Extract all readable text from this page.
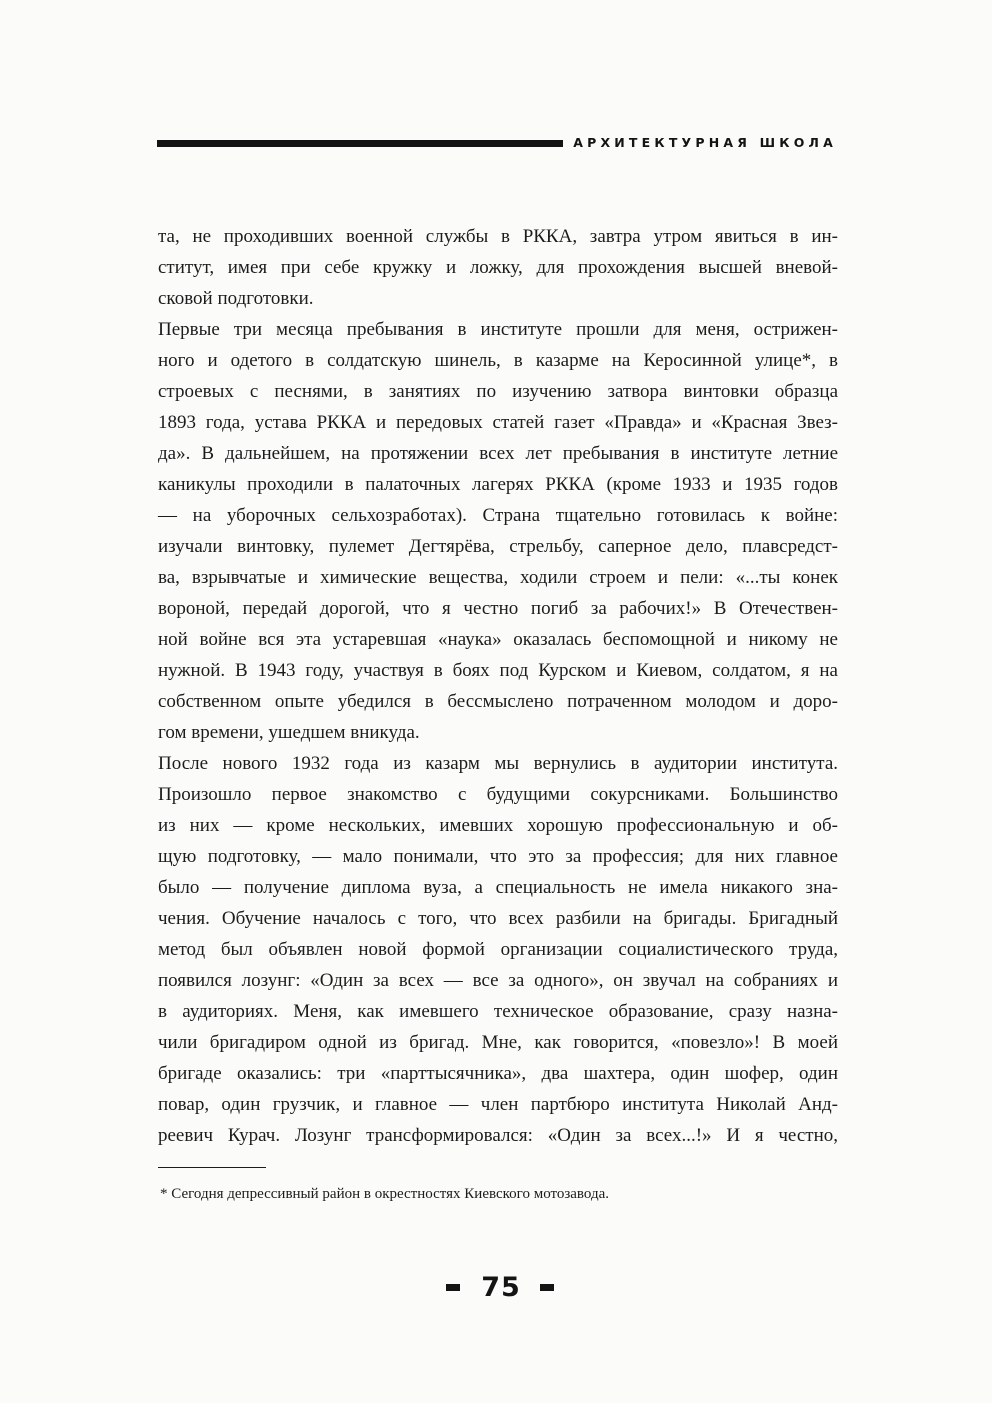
АРХИТЕКТУРНАЯ ШКОЛА
та, не проходивших военной службы в РККА, завтра утром явиться в ин-
ститут, имея при себе кружку и ложку, для прохождения высшей вневой-
сковой подготовки.
Первые три месяца пребывания в институте прошли для меня, острижен-
ного и одетого в солдатскую шинель, в казарме на Керосинной улице*, в
строевых с песнями, в занятиях по изучению затвора винтовки образца
1893 года, устава РККА и передовых статей газет «Правда» и «Красная Звез-
да». В дальнейшем, на протяжении всех лет пребывания в институте летние
каникулы проходили в палаточных лагерях РККА (кроме 1933 и 1935 годов
— на уборочных сельхозработах). Страна тщательно готовилась к войне:
изучали винтовку, пулемет Дегтярёва, стрельбу, саперное дело, плавсредст-
ва, взрывчатые и химические вещества, ходили строем и пели: «...ты конек
вороной, передай дорогой, что я честно погиб за рабочих!» В Отечествен-
ной войне вся эта устаревшая «наука» оказалась беспомощной и никому не
нужной. В 1943 году, участвуя в боях под Курском и Киевом, солдатом, я на
собственном опыте убедился в бессмыслено потраченном молодом и доро-
гом времени, ушедшем вникуда.
После нового 1932 года из казарм мы вернулись в аудитории института.
Произошло первое знакомство с будущими сокурсниками. Большинство
из них — кроме нескольких, имевших хорошую профессиональную и об-
щую подготовку, — мало понимали, что это за профессия; для них главное
было — получение диплома вуза, а специальность не имела никакого зна-
чения. Обучение началось с того, что всех разбили на бригады. Бригадный
метод был объявлен новой формой организации социалистического труда,
появился лозунг: «Один за всех — все за одного», он звучал на собраниях и
в аудиториях. Меня, как имевшего техническое образование, сразу назна-
чили бригадиром одной из бригад. Мне, как говорится, «повезло»! В моей
бригаде оказались: три «парттысячника», два шахтера, один шофер, один
повар, один грузчик, и главное — член партбюро института Николай Анд-
реевич Курач. Лозунг трансформировался: «Один за всех...!» И я честно,
* Сегодня депрессивный район в окрестностях Киевского мотозавода.
75
